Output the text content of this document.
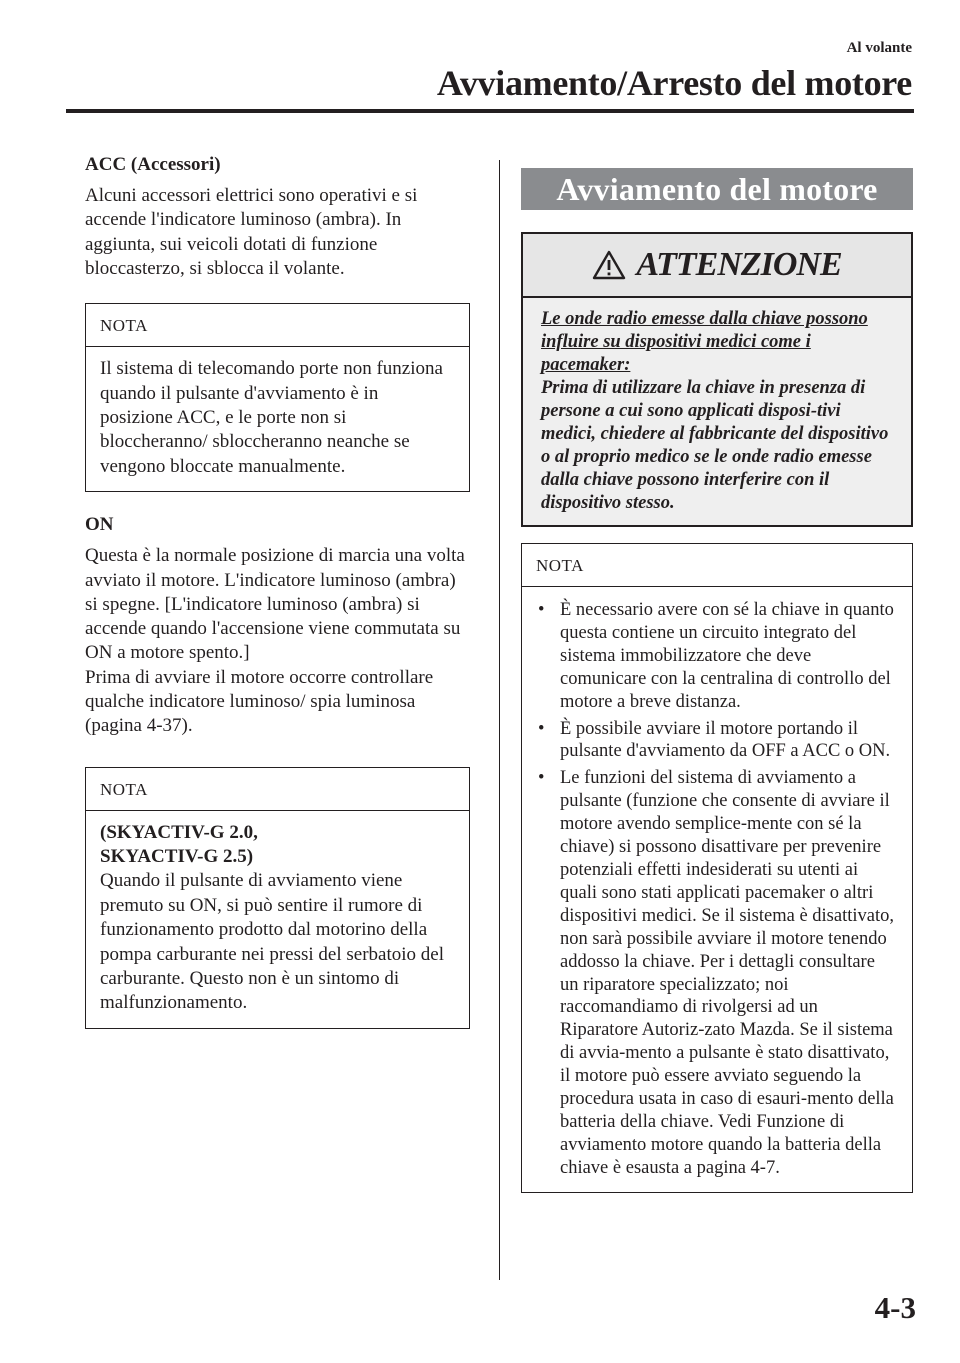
Al volante
Avviamento/Arresto del motore

ACC (Accessori)

Alcuni accessori elettrici sono operativi e si accende l'indicatore luminoso (ambra). In aggiunta, sui veicoli dotati di funzione bloccasterzo, si sblocca il volante.

NOTA
Il sistema di telecomando porte non funziona quando il pulsante d'avviamento è in posizione ACC, e le porte non si bloccheranno/ sbloccheranno neanche se vengono bloccate manualmente.

ON

Questa è la normale posizione di marcia una volta avviato il motore. L'indicatore luminoso (ambra) si spegne. [L'indicatore luminoso (ambra) si accende quando l'accensione viene commutata su ON a motore spento.]

Prima di avviare il motore occorre controllare qualche indicatore luminoso/ spia luminosa (pagina 4-37).

NOTA
(SKYACTIV-G 2.0,
SKYACTIV-G 2.5)
Quando il pulsante di avviamento viene premuto su ON, si può sentire il rumore di funzionamento prodotto dal motorino della pompa carburante nei pressi del serbatoio del carburante. Questo non è un sintomo di malfunzionamento.
Avviamento del motore
ATTENZIONE
Le onde radio emesse dalla chiave possono influire su dispositivi medici come i pacemaker:
Prima di utilizzare la chiave in presenza di persone a cui sono applicati disposi-tivi medici, chiedere al fabbricante del dispositivo o al proprio medico se le onde radio emesse dalla chiave possono interferire con il dispositivo stesso.
NOTA
• È necessario avere con sé la chiave in quanto questa contiene un circuito integrato del sistema immobilizzatore che deve comunicare con la centralina di controllo del motore a breve distanza.
• È possibile avviare il motore portando il pulsante d'avviamento da OFF a ACC o ON.
• Le funzioni del sistema di avviamento a pulsante (funzione che consente di avviare il motore avendo semplice-mente con sé la chiave) si possono disattivare per prevenire potenziali effetti indesiderati su utenti ai quali sono stati applicati pacemaker o altri dispositivi medici. Se il sistema è disattivato, non sarà possibile avviare il motore tenendo addosso la chiave. Per i dettagli consultare un riparatore specializzato; noi raccomandiamo di rivolgersi ad un Riparatore Autoriz-zato Mazda. Se il sistema di avvia-mento a pulsante è stato disattivato, il motore può essere avviato seguendo la procedura usata in caso di esauri-mento della batteria della chiave. Vedi Funzione di avviamento motore quando la batteria della chiave è esausta a pagina 4-7.
4-3
